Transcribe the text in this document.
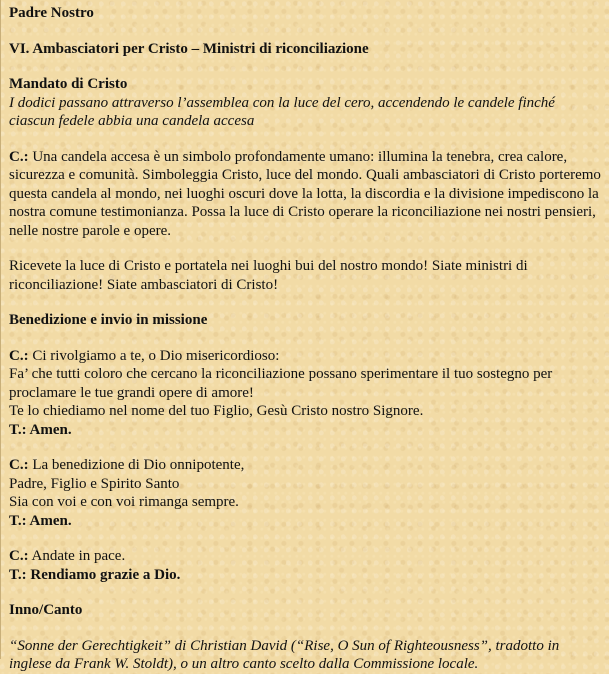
Padre Nostro

VI. Ambasciatori per Cristo – Ministri di riconciliazione

Mandato di Cristo
I dodici passano attraverso l’assemblea con la luce del cero, accendendo le candele finché ciascun fedele abbia una candela accesa

C.: Una candela accesa è un simbolo profondamente umano: illumina la tenebra, crea calore, sicurezza e comunità. Simboleggia Cristo, luce del mondo. Quali ambasciatori di Cristo porteremo questa candela al mondo, nei luoghi oscuri dove la lotta, la discordia e la divisione impediscono la nostra comune testimonianza. Possa la luce di Cristo operare la riconciliazione nei nostri pensieri, nelle nostre parole e opere.

Ricevete la luce di Cristo e portatela nei luoghi bui del nostro mondo! Siate ministri di riconciliazione! Siate ambasciatori di Cristo!

Benedizione e invio in missione

C.: Ci rivolgiamo a te, o Dio misericordioso:
Fa’ che tutti coloro che cercano la riconciliazione possano sperimentare il tuo sostegno per proclamare le tue grandi opere di amore!
Te lo chiediamo nel nome del tuo Figlio, Gesù Cristo nostro Signore.
T.: Amen.

C.: La benedizione di Dio onnipotente,
Padre, Figlio e Spirito Santo
Sia con voi e con voi rimanga sempre.
T.: Amen.

C.: Andate in pace.
T.: Rendiamo grazie a Dio.

Inno/Canto

“Sonne der Gerechtigkeit” di Christian David (“Rise, O Sun of Righteousness”, tradotto in inglese da Frank W. Stoldt), o un altro canto scelto dalla Commissione locale.
